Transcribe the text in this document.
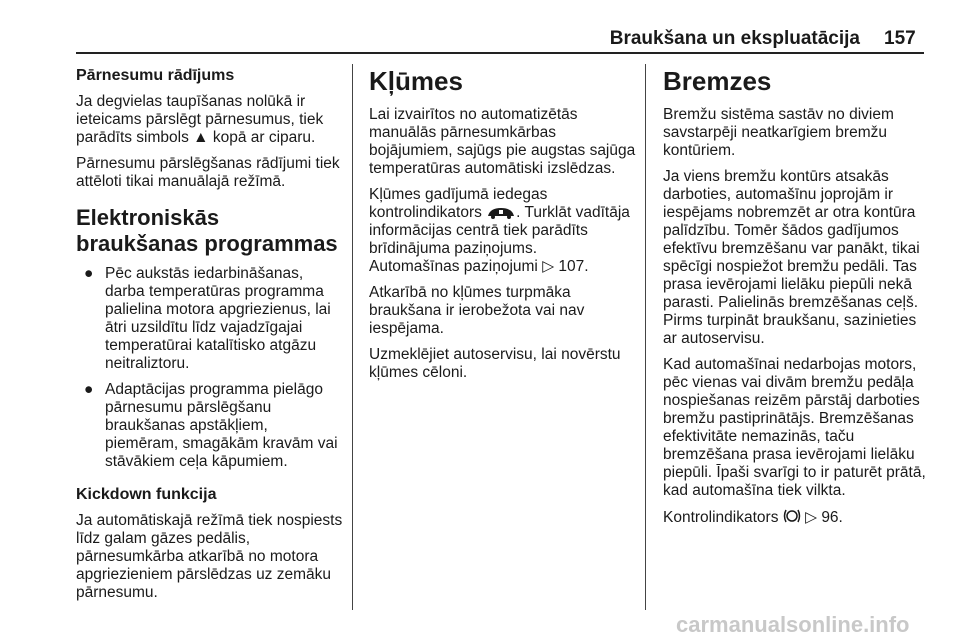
Braukšana un ekspluatācija 157
Pārnesumu rādījums

Ja degvielas taupīšanas nolūkā ir ieteicams pārslēgt pārnesumus, tiek parādīts simbols ▲ kopā ar ciparu.

Pārnesumu pārslēgšanas rādījumi tiek attēloti tikai manuālajā režīmā.

Elektroniskās braukšanas programmas
● Pēc aukstās iedarbināšanas, darba temperatūras programma palielina motora apgriezienus, lai ātri uzsildītu līdz vajadzīgajai temperatūrai katalītisko atgāzu neitraliztoru.
● Adaptācijas programma pielāgo pārnesumu pārslēgšanu braukšanas apstākļiem, piemēram, smagākām kravām vai stāvākiem ceļa kāpumiem.
Kickdown funkcija

Ja automātiskajā režīmā tiek nospiests līdz galam gāzes pedālis, pārnesumkārba atkarībā no motora apgriezieniem pārslēdzas uz zemāku pārnesumu.

Kļūmes

Lai izvairītos no automatizētās manuālās pārnesumkārbas bojājumiem, sajūgs pie augstas sajūga temperatūras automātiski izslēdzas.

Kļūmes gadījumā iedegas kontrolindikators . Turklāt vadītāja informācijas centrā tiek parādīts brīdinājuma paziņojums.
Automašīnas paziņojumi ▷ 107.

Atkarībā no kļūmes turpmāka braukšana ir ierobežota vai nav iespējama.

Uzmeklējiet autoservisu, lai novērstu kļūmes cēloni.

Bremzes

Bremžu sistēma sastāv no diviem savstarpēji neatkarīgiem bremžu kontūriem.

Ja viens bremžu kontūrs atsakās darboties, automašīnu joprojām ir iespējams nobremzēt ar otra kontūra palīdzību. Tomēr šādos gadījumos efektīvu bremzēšanu var panākt, tikai spēcīgi nospiežot bremžu pedāli. Tas prasa ievērojami lielāku piepūli nekā parasti. Palielinās bremzēšanas ceļš. Pirms turpināt braukšanu, sazinieties ar autoservisu.

Kad automašīnai nedarbojas motors, pēc vienas vai divām bremžu pedāļa nospiešanas reizēm pārstāj darboties bremžu pastiprinātājs. Bremzēšanas efektivitāte nemazinās, taču bremzēšana prasa ievērojami lielāku piepūli. Īpaši svarīgi to ir paturēt prātā, kad automašīna tiek vilkta.

Kontrolindikators ▷ 96.

carmanualsonline.info
